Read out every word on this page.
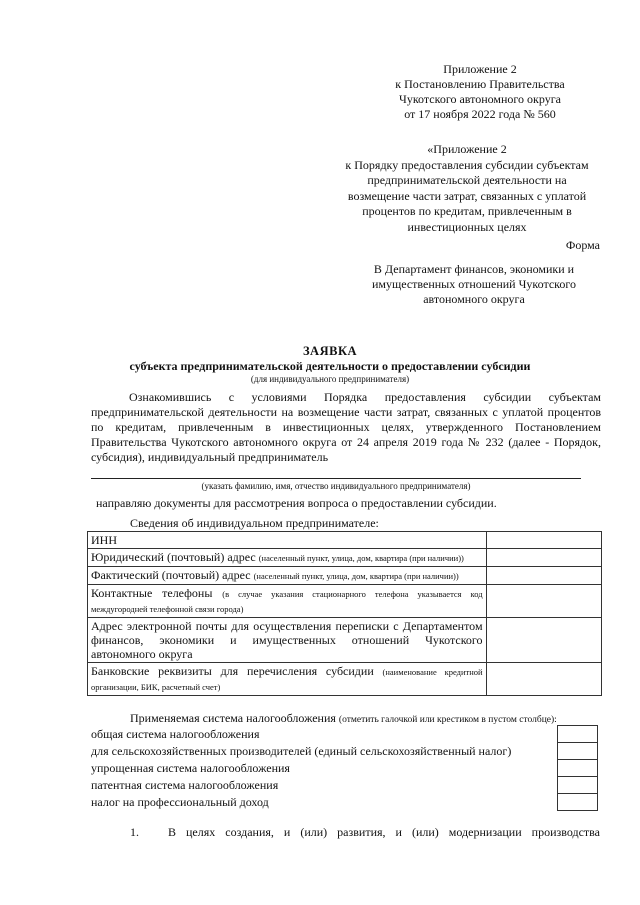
Приложение 2
к Постановлению Правительства
Чукотского автономного округа
от 17 ноября 2022 года № 560
«Приложение 2
к Порядку предоставления субсидии субъектам
предпринимательской деятельности на
возмещение части затрат, связанных с уплатой
процентов по кредитам, привлеченным в
инвестиционных целях
Форма
В Департамент финансов, экономики и
имущественных отношений Чукотского
автономного округа
ЗАЯВКА
субъекта предпринимательской деятельности о предоставлении субсидии
(для индивидуального предпринимателя)
Ознакомившись с условиями Порядка предоставления субсидии субъектам предпринимательской деятельности на возмещение части затрат, связанных с уплатой процентов по кредитам, привлеченным в инвестиционных целях, утвержденного Постановлением Правительства Чукотского автономного округа от 24 апреля 2019 года № 232 (далее - Порядок, субсидия), индивидуальный предприниматель
(указать фамилию, имя, отчество индивидуального предпринимателя)
направляю документы для рассмотрения вопроса о предоставлении субсидии.
Сведения об индивидуальном предпринимателе:
ИНН	
Юридический (почтовый) адрес (населенный пункт, улица, дом, квартира (при наличии))	
Фактический (почтовый) адрес (населенный пункт, улица, дом, квартира (при наличии))	
Контактные телефоны (в случае указания стационарного телефона указывается код междугородней телефонной связи города)	
Адрес электронной почты для осуществления переписки с Департаментом финансов, экономики и имущественных отношений Чукотского автономного округа	
Банковские реквизиты для перечисления субсидии (наименование кредитной организации, БИК, расчетный счет)	
Применяемая система налогообложения (отметить галочкой или крестиком в пустом столбце):
общая система налогообложения
для сельскохозяйственных производителей (единый сельскохозяйственный налог)
упрощенная система налогообложения
патентная система налогообложения
налог на профессиональный доход
1. В целях создания, и (или) развития, и (или) модернизации производства
